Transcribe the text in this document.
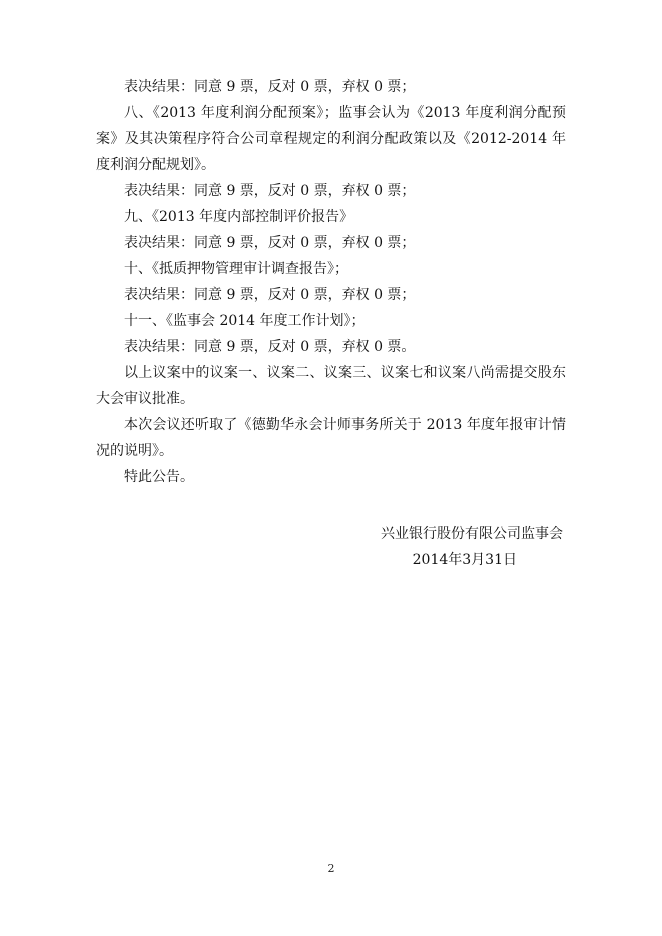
表决结果：同意 9 票，反对 0 票，弃权 0 票；

八、《2013 年度利润分配预案》；监事会认为《2013 年度利润分配预案》及其决策程序符合公司章程规定的利润分配政策以及《2012-2014 年度利润分配规划》。

表决结果：同意 9 票，反对 0 票，弃权 0 票；

九、《2013 年度内部控制评价报告》

表决结果：同意 9 票，反对 0 票，弃权 0 票；

十、《抵质押物管理审计调查报告》；

表决结果：同意 9 票，反对 0 票，弃权 0 票；

十一、《监事会 2014 年度工作计划》；

表决结果：同意 9 票，反对 0 票，弃权 0 票。

以上议案中的议案一、议案二、议案三、议案七和议案八尚需提交股东大会审议批准。

本次会议还听取了《德勤华永会计师事务所关于 2013 年度年报审计情况的说明》。

特此公告。

兴业银行股份有限公司监事会
2014年3月31日
2
